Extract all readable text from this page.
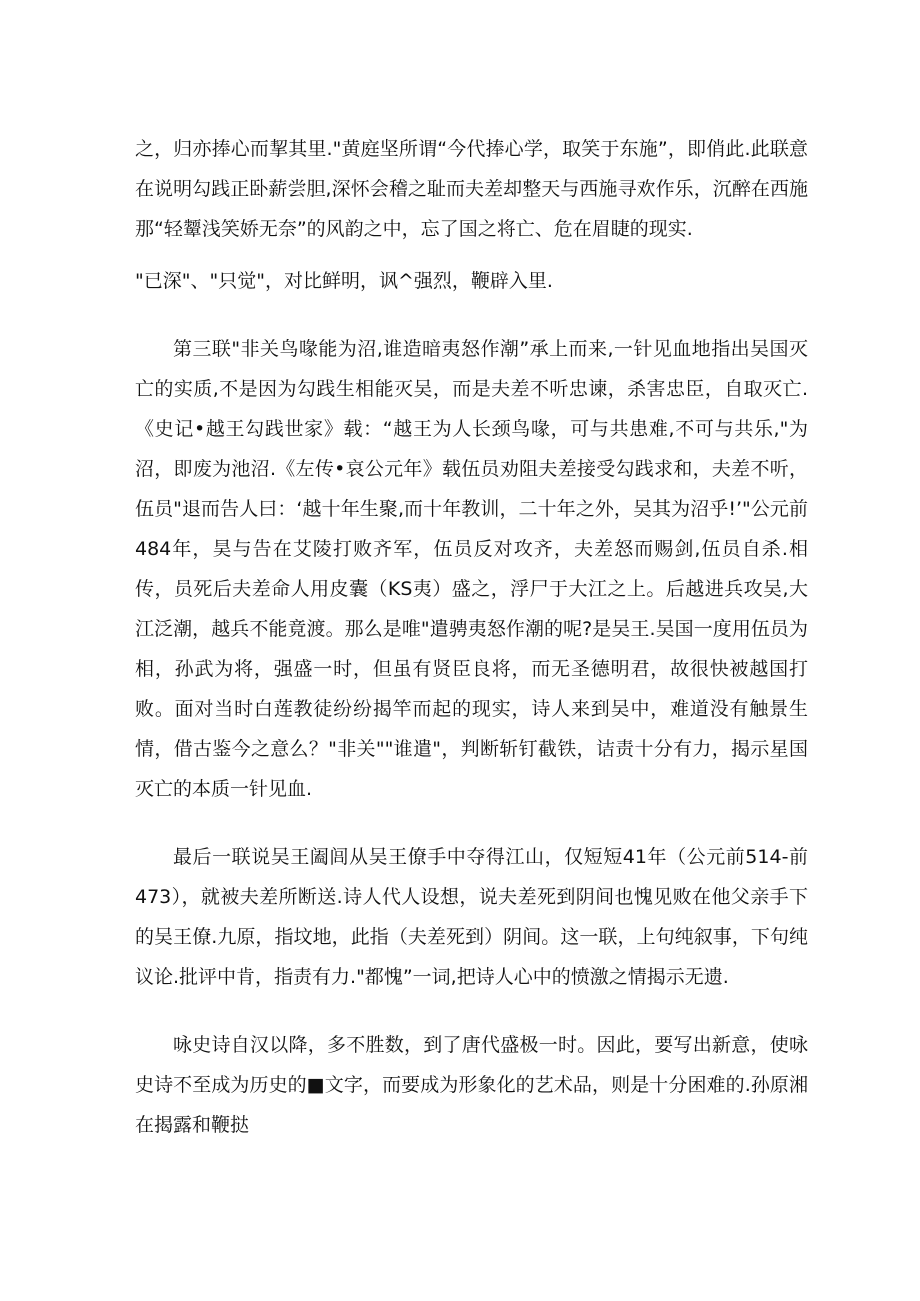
之，归亦捧心而挈其里."黄庭坚所谓“今代捧心学，取笑于东施”，即俏此.此联意在说明勾践正卧薪尝胆,深怀会稽之耻而夫差却整天与西施寻欢作乐，沉醉在西施那“轻颦浅笑娇无奈”的风韵之中，忘了国之将亡、危在眉睫的现实.

"已深"、"只觉"，对比鲜明，讽^强烈，鞭辟入里.

第三联"非关鸟喙能为沼,谁造暗夷怒作潮”承上而来,一针见血地指出吴国灭亡的实质,不是因为勾践生相能灭吴，而是夫差不听忠谏，杀害忠臣，自取灭亡.《史记•越王勾践世家》载：“越王为人长颈鸟喙，可与共患难,不可与共乐,"为沼，即废为池沼.《左传•哀公元年》载伍员劝阻夫差接受勾践求和，夫差不听，伍员"退而告人曰：‘越十年生聚,而十年教训，二十年之外，吴其为沼乎!’"公元前484年，昊与告在艾陵打败齐军，伍员反对攻齐，夫差怒而赐剑,伍员自杀.相传，员死后夫差命人用皮囊（KS夷）盛之，浮尸于大江之上。后越进兵攻吴,大江泛潮，越兵不能竟渡。那么是唯"遣骋夷怒作潮的呢?是吴王.吴国一度用伍员为相，孙武为将，强盛一时，但虽有贤臣良将，而无圣德明君，故很快被越国打败。面对当时白莲教徒纷纷揭竿而起的现实，诗人来到吴中，难道没有触景生情，借古鉴今之意么？"非关""谁遣"，判断斩钉截铁，诘责十分有力，揭示星国灭亡的本质一针见血.

最后一联说吴王阖闾从吴王僚手中夺得江山，仅短短41年（公元前514-前473），就被夫差所断送.诗人代人设想，说夫差死到阴间也愧见败在他父亲手下的吴王僚.九原，指坟地，此指（夫差死到）阴间。这一联，上句纯叙事，下句纯议论.批评中肯，指责有力."都愧”一词,把诗人心中的愤激之情揭示无遗.

咏史诗自汉以降，多不胜数，到了唐代盛极一时。因此，要写出新意，使咏史诗不至成为历史的■文字，而要成为形象化的艺术品，则是十分困难的.孙原湘在揭露和鞭挞
